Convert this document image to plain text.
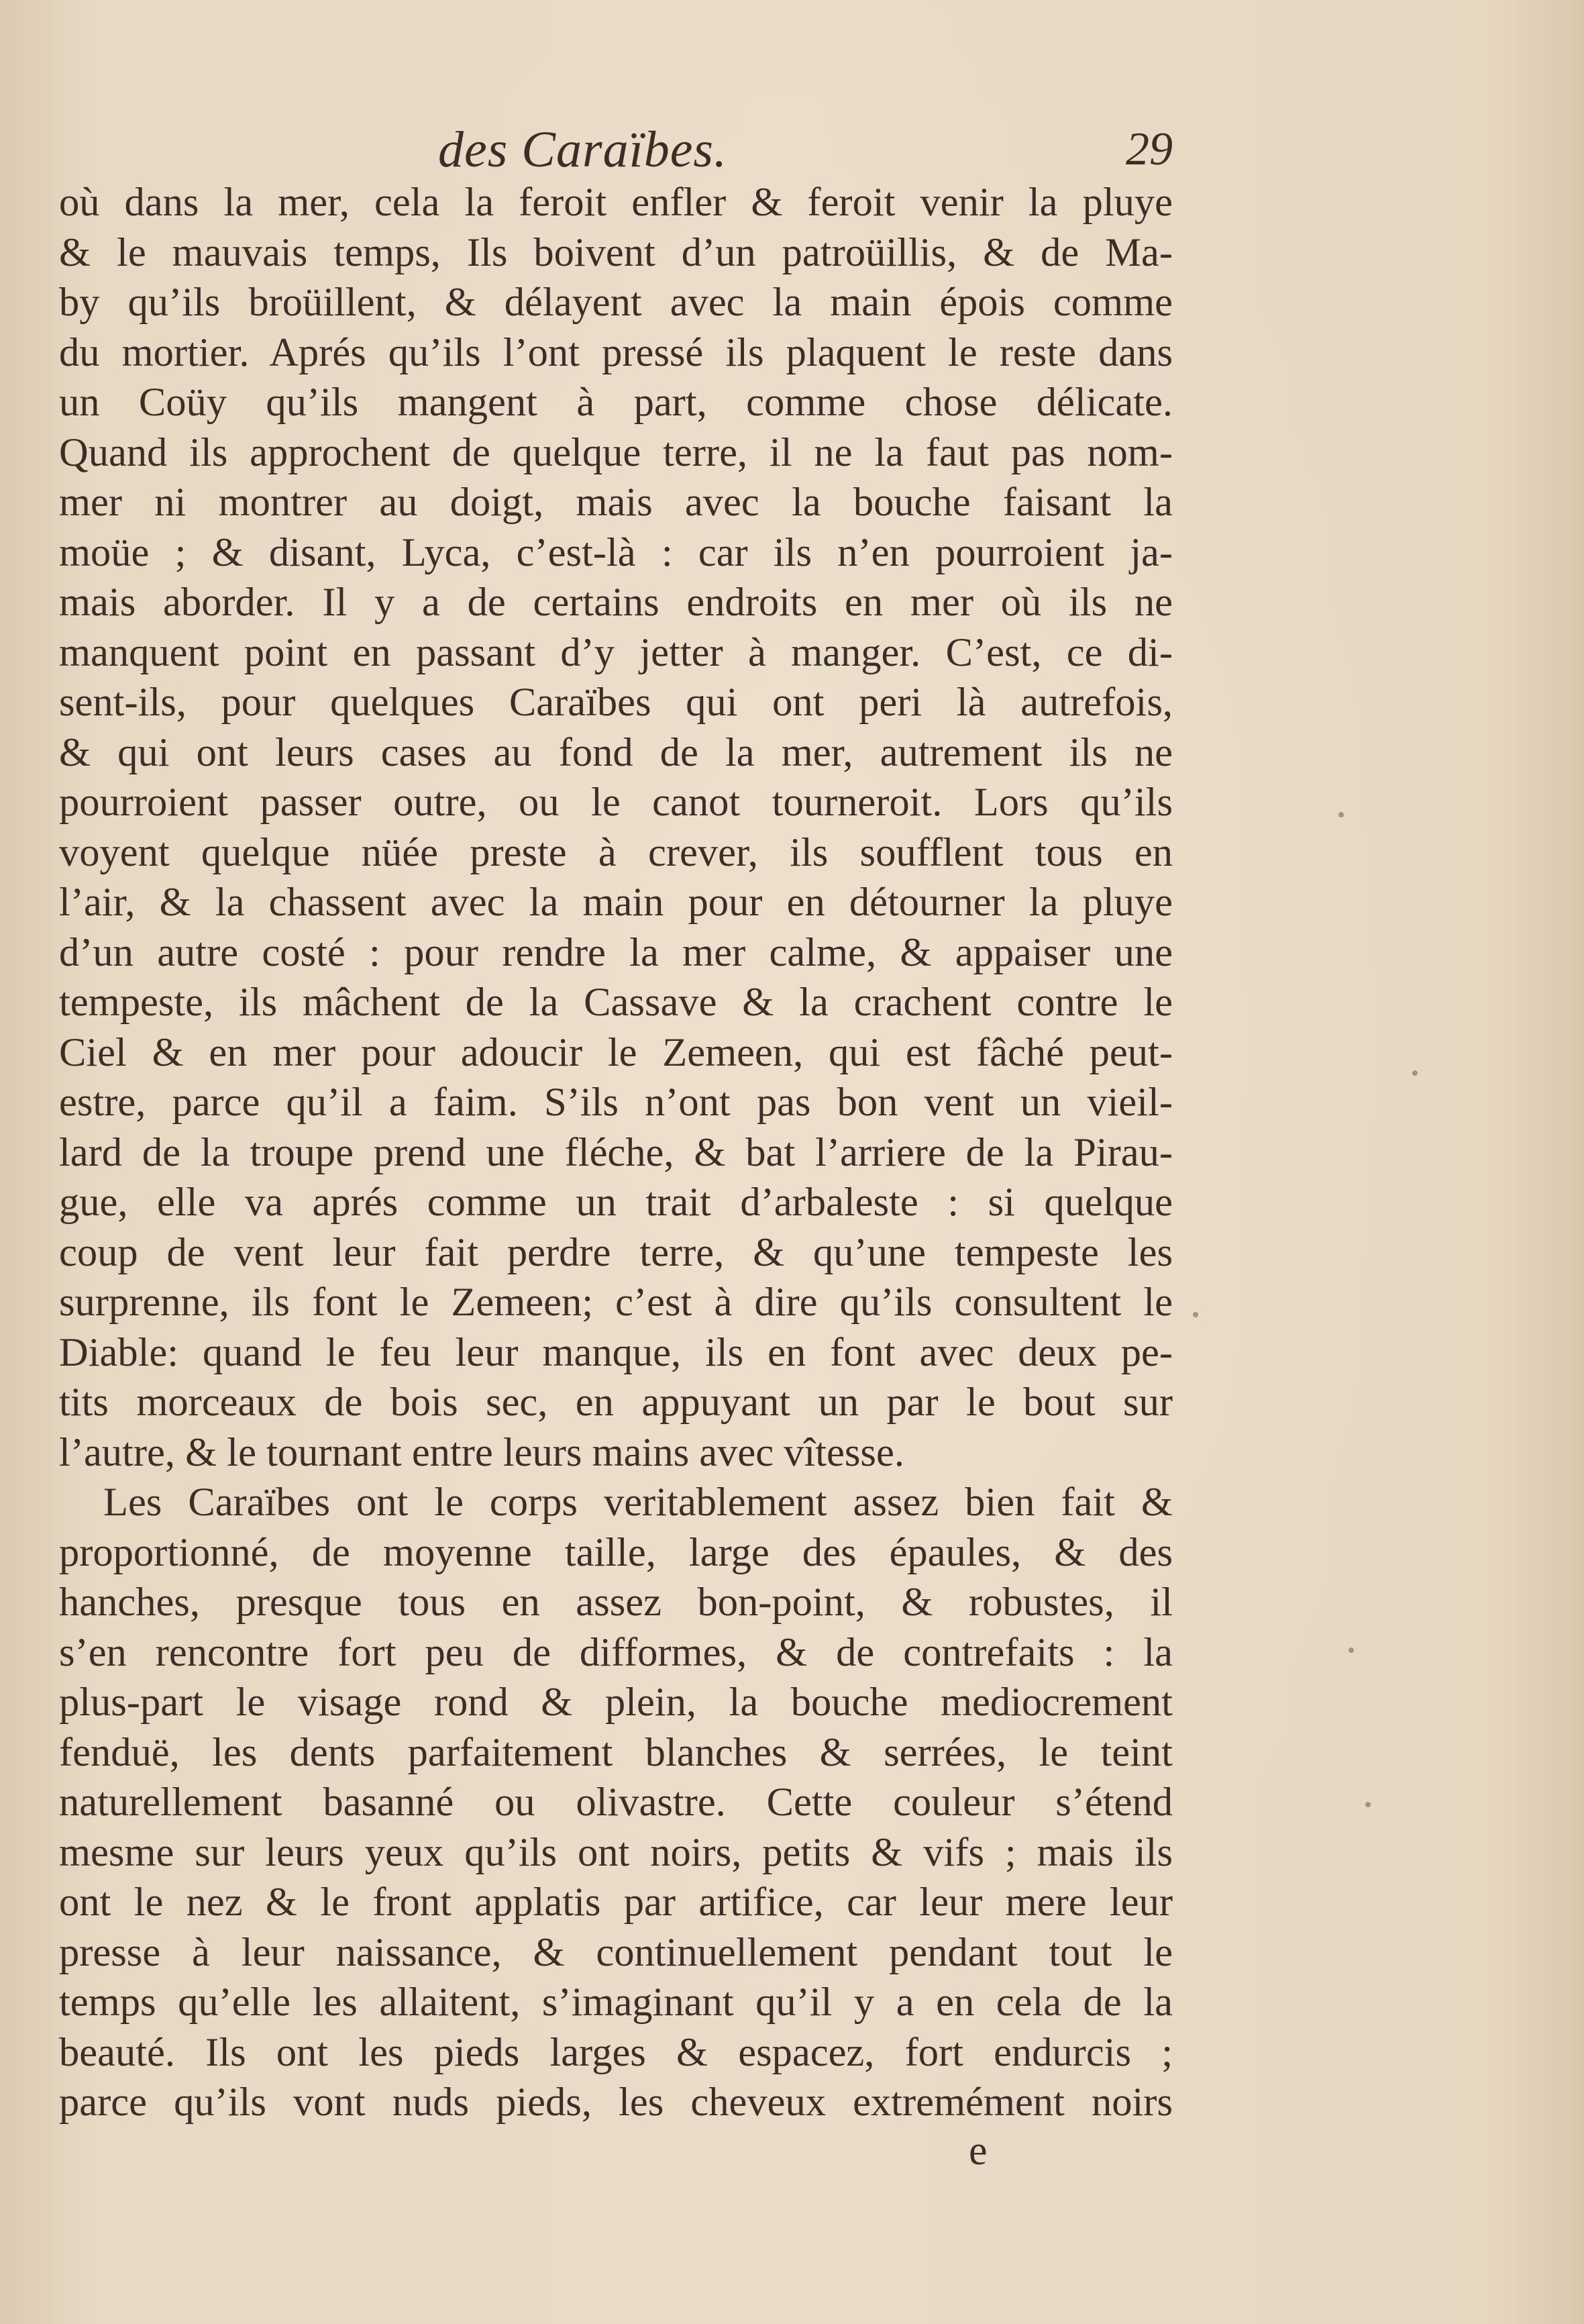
des Caraïbes.	29
où dans la mer, cela la feroit enfler & feroit venir la pluye
& le mauvais temps, Ils boivent d’un patroüillis, & de Ma-
by qu’ils broüillent, & délayent avec la main épois comme
du mortier. Aprés qu’ils l’ont pressé ils plaquent le reste dans
un Coüy qu’ils mangent à part, comme chose délicate.
Quand ils approchent de quelque terre, il ne la faut pas nom-
mer ni montrer au doigt, mais avec la bouche faisant la
moüe ; & disant, Lyca, c’est-là : car ils n’en pourroient ja-
mais aborder. Il y a de certains endroits en mer où ils ne
manquent point en passant d’y jetter à manger. C’est, ce di-
sent-ils, pour quelques Caraïbes qui ont peri là autrefois,
& qui ont leurs cases au fond de la mer, autrement ils ne
pourroient passer outre, ou le canot tourneroit. Lors qu’ils
voyent quelque nüée preste à crever, ils soufflent tous en
l’air, & la chassent avec la main pour en détourner la pluye
d’un autre costé : pour rendre la mer calme, & appaiser une
tempeste, ils mâchent de la Cassave & la crachent contre le
Ciel & en mer pour adoucir le Zemeen, qui est fâché peut-
estre, parce qu’il a faim. S’ils n’ont pas bon vent un vieil-
lard de la troupe prend une fléche, & bat l’arriere de la Pirau-
gue, elle va aprés comme un trait d’arbaleste : si quelque
coup de vent leur fait perdre terre, & qu’une tempeste les
surprenne, ils font le Zemeen; c’est à dire qu’ils consultent le
Diable: quand le feu leur manque, ils en font avec deux pe-
tits morceaux de bois sec, en appuyant un par le bout sur
l’autre, & le tournant entre leurs mains avec vîtesse.
Les Caraïbes ont le corps veritablement assez bien fait &
proportionné, de moyenne taille, large des épaules, & des
hanches, presque tous en assez bon-point, & robustes, il
s’en rencontre fort peu de difformes, & de contrefaits : la
plus-part le visage rond & plein, la bouche mediocrement
fenduë, les dents parfaitement blanches & serrées, le teint
naturellement basanné ou olivastre. Cette couleur s’étend
mesme sur leurs yeux qu’ils ont noirs, petits & vifs ; mais ils
ont le nez & le front applatis par artifice, car leur mere leur
presse à leur naissance, & continuellement pendant tout le
temps qu’elle les allaitent, s’imaginant qu’il y a en cela de la
beauté. Ils ont les pieds larges & espacez, fort endurcis ;
parce qu’ils vont nuds pieds, les cheveux extremément noirs
e
